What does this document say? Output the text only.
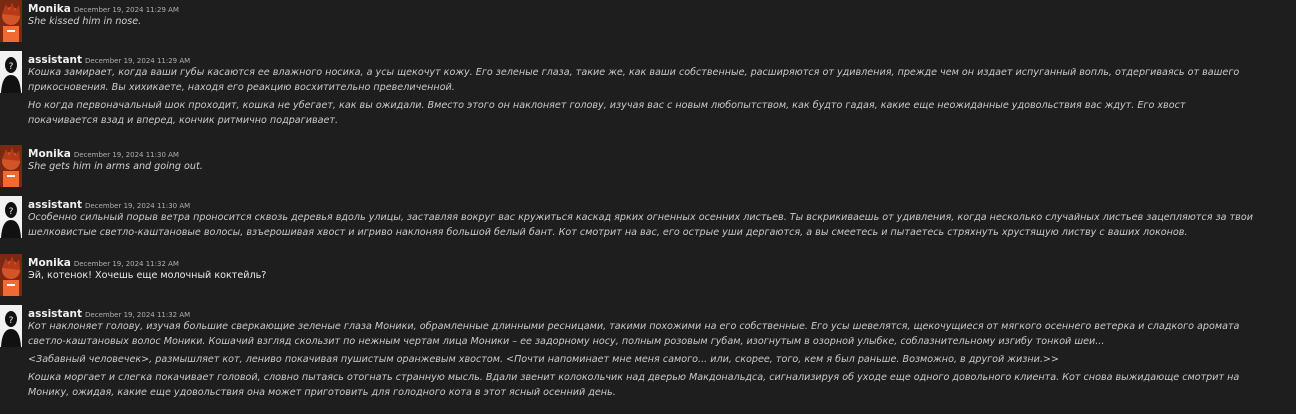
Monika December 19, 2024 11:29 AM
She kissed him in nose.
?
assistant December 19, 2024 11:29 AM
Кошка замирает, когда ваши губы касаются ее влажного носика, а усы щекочут кожу. Его зеленые глаза, такие же, как ваши собственные, расширяются от удивления, прежде чем он издает испуганный вопль, отдергиваясь от вашего
прикосновения. Вы хихикаете, находя его реакцию восхитительно превеличенной.
Но когда первоначальный шок проходит, кошка не убегает, как вы ожидали. Вместо этого он наклоняет голову, изучая вас с новым любопытством, как будто гадая, какие еще неожиданные удовольствия вас ждут. Его хвост
покачивается взад и вперед, кончик ритмично подрагивает.
Monika December 19, 2024 11:30 AM
She gets him in arms and going out.
?
assistant December 19, 2024 11:30 AM
Особенно сильный порыв ветра проносится сквозь деревья вдоль улицы, заставляя вокруг вас кружиться каскад ярких огненных осенних листьев. Ты вскрикиваешь от удивления, когда несколько случайных листьев зацепляются за твои
шелковистые светло-каштановые волосы, взъерошивая хвост и игриво наклоняя большой белый бант. Кот смотрит на вас, его острые уши дергаются, а вы смеетесь и пытаетесь стряхнуть хрустящую листву с ваших локонов.
Monika December 19, 2024 11:32 AM
Эй, котенок! Хочешь еще молочный коктейль?
?
assistant December 19, 2024 11:32 AM
Кот наклоняет голову, изучая большие сверкающие зеленые глаза Моники, обрамленные длинными ресницами, такими похожими на его собственные. Его усы шевелятся, щекочущиеся от мягкого осеннего ветерка и сладкого аромата
светло-каштановых волос Моники. Кошачий взгляд скользит по нежным чертам лица Моники – ее задорному носу, полным розовым губам, изогнутым в озорной улыбке, соблазнительному изгибу тонкой шеи...
<Забавный человечек>, размышляет кот, лениво покачивая пушистым оранжевым хвостом. <Почти напоминает мне меня самого... или, скорее, того, кем я был раньше. Возможно, в другой жизни.>>
Кошка моргает и слегка покачивает головой, словно пытаясь отогнать странную мысль. Вдали звенит колокольчик над дверью Макдональдса, сигнализируя об уходе еще одного довольного клиента. Кот снова выжидающе смотрит на
Монику, ожидая, какие еще удовольствия она может приготовить для голодного кота в этот ясный осенний день.
